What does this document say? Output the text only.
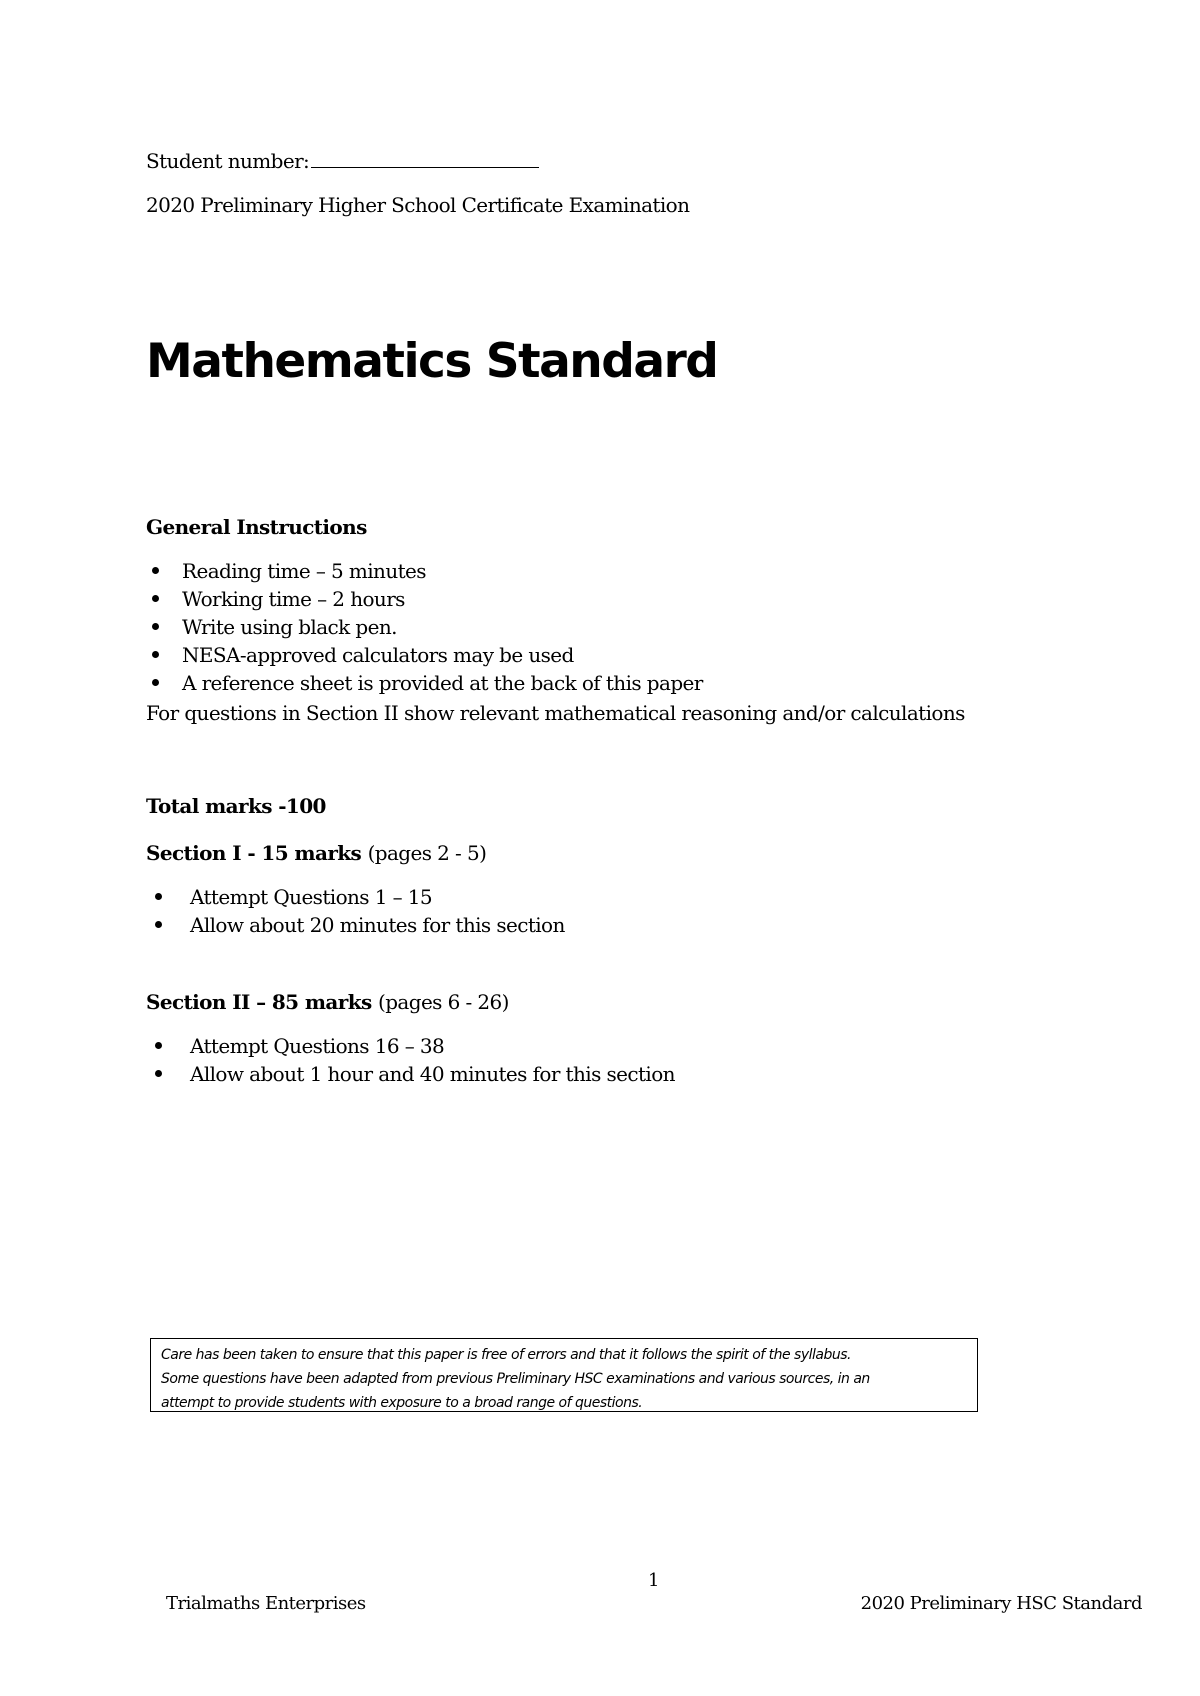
Student number:
2020 Preliminary Higher School Certificate Examination
Mathematics Standard
General Instructions
Reading time – 5 minutes
Working time – 2 hours
Write using black pen.
NESA-approved calculators may be used
A reference sheet is provided at the back of this paper
For questions in Section II show relevant mathematical reasoning and/or calculations
Total marks -100
Section I - 15 marks (pages 2 - 5)
Attempt Questions 1 – 15
Allow about 20 minutes for this section
Section II – 85 marks (pages 6 - 26)
Attempt Questions 16 – 38
Allow about 1 hour and 40 minutes for this section
Care has been taken to ensure that this paper is free of errors and that it follows the spirit of the syllabus.
Some questions have been adapted from previous Preliminary HSC examinations and various sources, in an
attempt to provide students with exposure to a broad range of questions.
1
Trialmaths Enterprises	2020 Preliminary HSC Standard
